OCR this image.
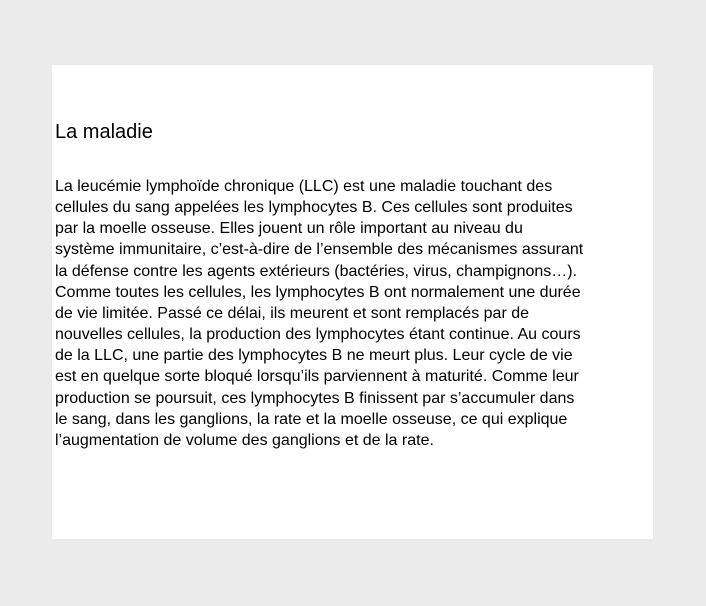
La maladie

La leucémie lymphoïde chronique (LLC) est une maladie touchant des
cellules du sang appelées les lymphocytes B. Ces cellules sont produites
par la moelle osseuse. Elles jouent un rôle important au niveau du
système immunitaire, c’est-à-dire de l’ensemble des mécanismes assurant
la défense contre les agents extérieurs (bactéries, virus, champignons…).
Comme toutes les cellules, les lymphocytes B ont normalement une durée
de vie limitée. Passé ce délai, ils meurent et sont remplacés par de
nouvelles cellules, la production des lymphocytes étant continue. Au cours
de la LLC, une partie des lymphocytes B ne meurt plus. Leur cycle de vie
est en quelque sorte bloqué lorsqu’ils parviennent à maturité. Comme leur
production se poursuit, ces lymphocytes B finissent par s’accumuler dans
le sang, dans les ganglions, la rate et la moelle osseuse, ce qui explique
l’augmentation de volume des ganglions et de la rate.
